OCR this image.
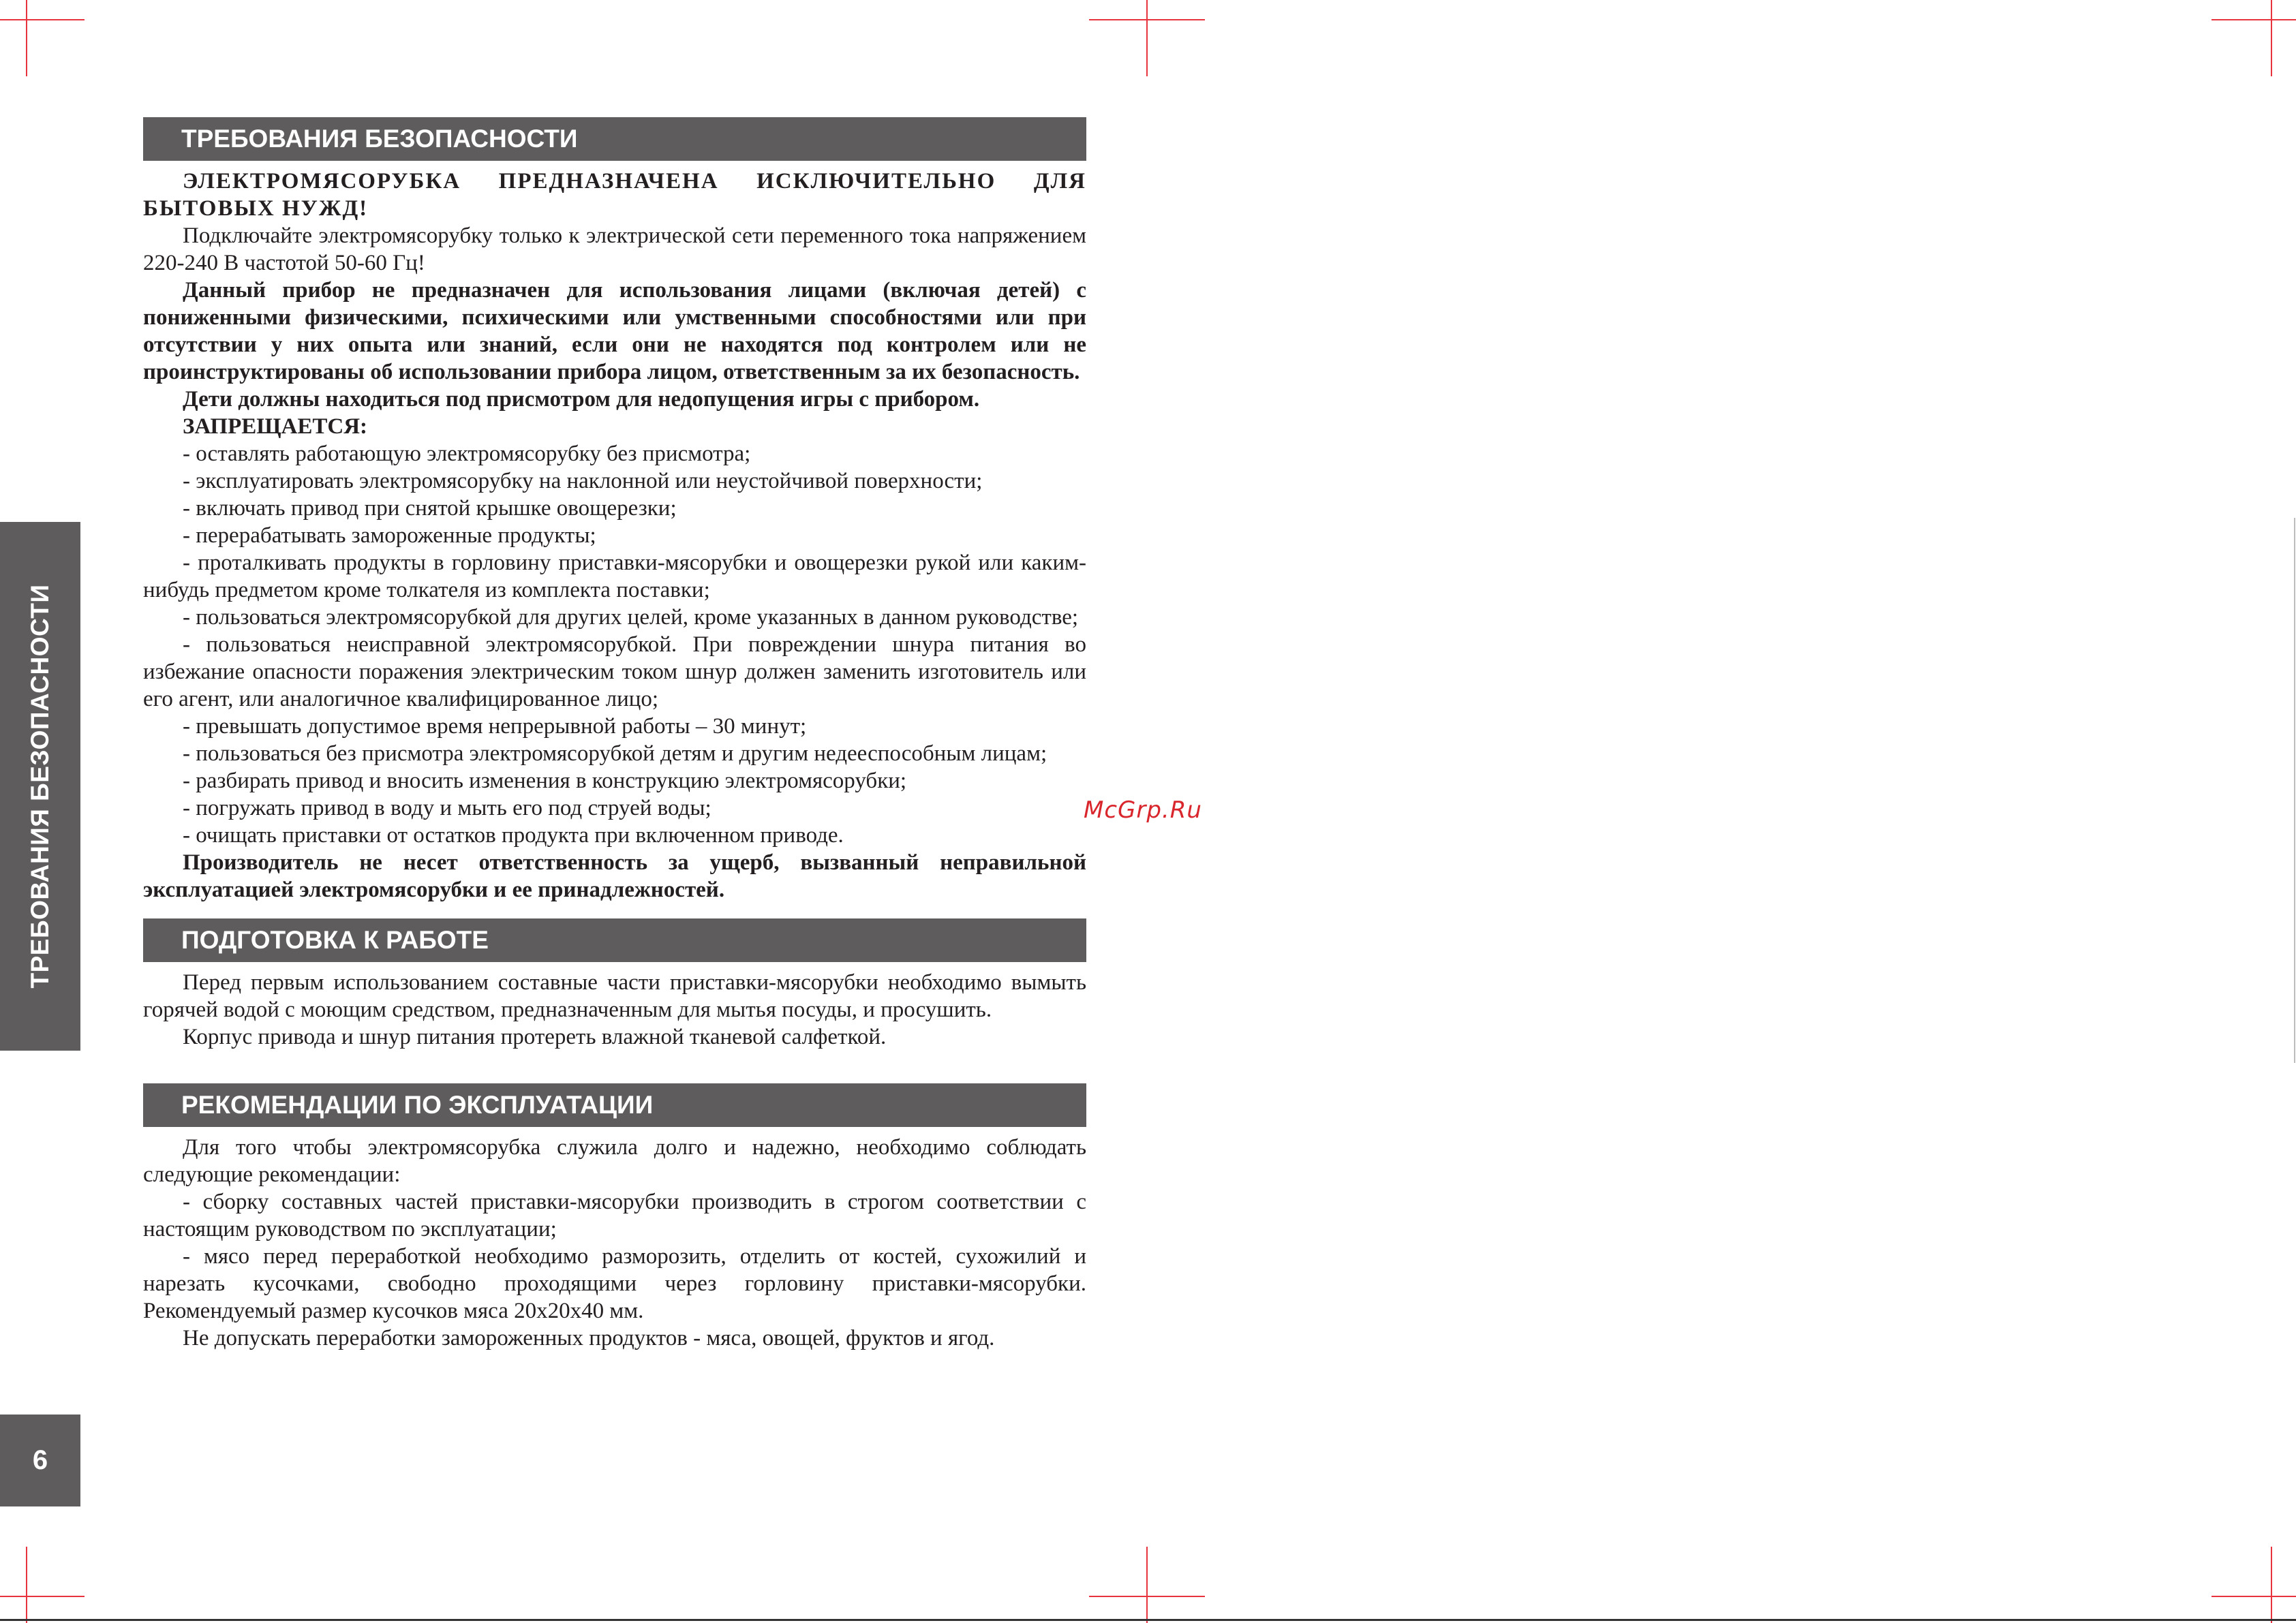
ТРЕБОВАНИЯ БЕЗОПАСНОСТИ
6
McGrp.Ru
ТРЕБОВАНИЯ БЕЗОПАСНОСТИ

ЭЛЕКТРОМЯСОРУБКА ПРЕДНАЗНАЧЕНА ИСКЛЮЧИТЕЛЬНО ДЛЯ БЫТОВЫХ НУЖД!

Подключайте электромясорубку только к электрической сети переменного тока напряжением 220-240 В частотой 50-60 Гц!

Данный прибор не предназначен для использования лицами (включая детей) с пониженными физическими, психическими или умственными способностями или при отсутствии у них опыта или знаний, если они не находятся под контролем или не проинструктированы об использовании прибора лицом, ответственным за их безопасность.

Дети должны находиться под присмотром для недопущения игры с прибором.

ЗАПРЕЩАЕТСЯ:

- оставлять работающую электромясорубку без присмотра;

- эксплуатировать электромясорубку на наклонной или неустойчивой поверхности;

- включать привод при снятой крышке овощерезки;

- перерабатывать замороженные продукты;

- проталкивать продукты в горловину приставки-мясорубки и овощерезки рукой или каким-нибудь предметом кроме толкателя из комплекта поставки;

- пользоваться электромясорубкой для других целей, кроме указанных в данном руководстве;

- пользоваться неисправной электромясорубкой. При повреждении шнура питания во избежание опасности поражения электрическим током шнур должен заменить изготовитель или его агент, или аналогичное квалифицированное лицо;

- превышать допустимое время непрерывной работы – 30 минут;

- пользоваться без присмотра электромясорубкой детям и другим недееспособным лицам;

- разбирать привод и вносить изменения в конструкцию электромясорубки;

- погружать привод в воду и мыть его под струей воды;

- очищать приставки от остатков продукта при включенном приводе.

Производитель не несет ответственность за ущерб, вызванный неправильной эксплуатацией электромясорубки и ее принадлежностей.

ПОДГОТОВКА К РАБОТЕ

Перед первым использованием составные части приставки-мясорубки необходимо вымыть горячей водой с моющим средством, предназначенным для мытья посуды, и просушить.

Корпус привода и шнур питания протереть влажной тканевой салфеткой.

РЕКОМЕНДАЦИИ ПО ЭКСПЛУАТАЦИИ

Для того чтобы электромясорубка служила долго и надежно, необходимо соблюдать следующие рекомендации:

- сборку составных частей приставки-мясорубки производить в строгом соответствии с настоящим руководством по эксплуатации;

- мясо перед переработкой необходимо разморозить, отделить от костей, сухожилий и нарезать кусочками, свободно проходящими через горловину приставки-мясорубки. Рекомендуемый размер кусочков мяса 20х20х40 мм.

Не допускать переработки замороженных продуктов - мяса, овощей, фруктов и ягод.
